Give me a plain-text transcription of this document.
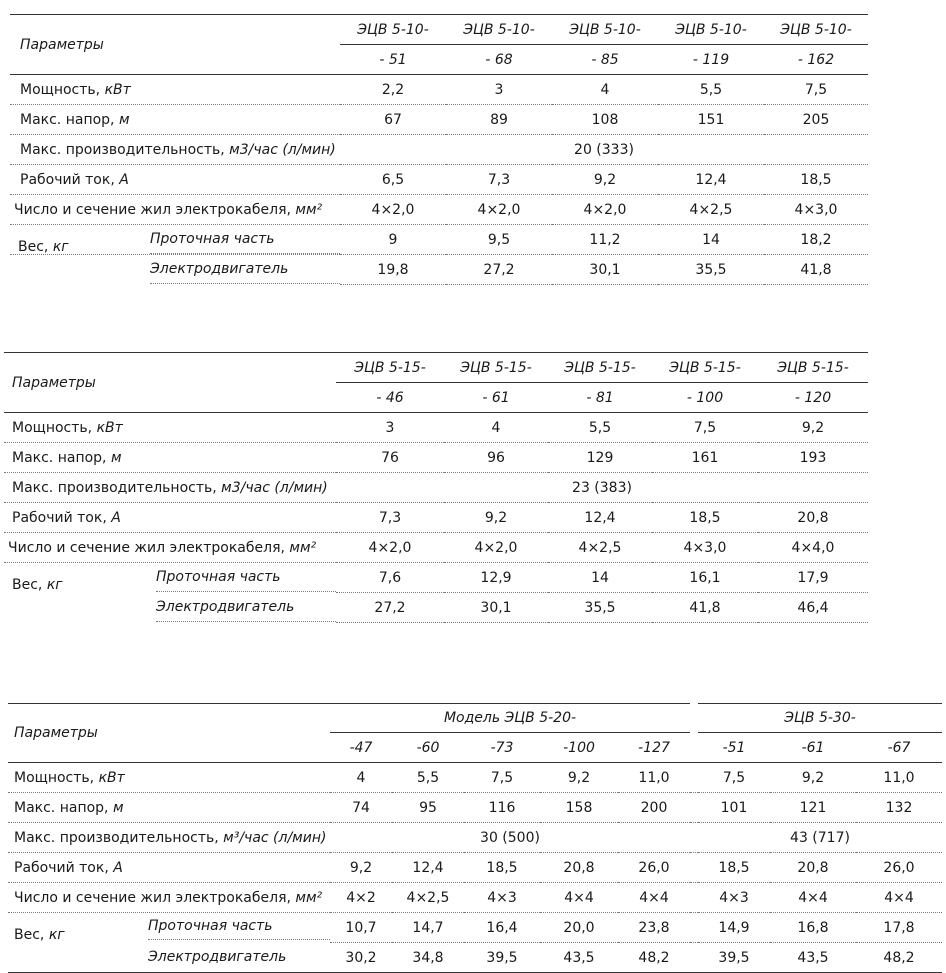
Параметры	ЭЦВ 5-10-	ЭЦВ 5-10-	ЭЦВ 5-10-	ЭЦВ 5-10-	ЭЦВ 5-10-
	- 51	- 68	- 85	- 119	- 162
Мощность, кВт	2,2	3	4	5,5	7,5
Макс. напор, м	67	89	108	151	205
Макс. производительность, м3/час (л/мин)	20 (333)				
Рабочий ток, А	6,5	7,3	9,2	12,4	18,5
Число и сечение жил электрокабеля, мм²	4×2,0	4×2,0	4×2,0	4×2,5	4×3,0

Вес, кг Проточная часть	9	9,5	11,2	14	18,2
Электродвигатель	19,8	27,2	30,1	35,5	41,8
Параметры	ЭЦВ 5-15-	ЭЦВ 5-15-	ЭЦВ 5-15-	ЭЦВ 5-15-	ЭЦВ 5-15-
	- 46	- 61	- 81	- 100	- 120
Мощность, кВт	3	4	5,5	7,5	9,2
Макс. напор, м	76	96	129	161	193
Макс. производительность, м3/час (л/мин)	23 (383)				
Рабочий ток, А	7,3	9,2	12,4	18,5	20,8
Число и сечение жил электрокабеля, мм²	4×2,0	4×2,0	4×2,5	4×3,0	4×4,0

Вес, кг Проточная часть	7,6	12,9	14	16,1	17,9
Электродвигатель	27,2	30,1	35,5	41,8	46,4
Параметры	Модель ЭЦВ 5-20-						ЭЦВ 5-30-		
	-47	-60	-73	-100	-127		-51	-61	-67
Мощность, кВт	4	5,5	7,5	9,2	11,0		7,5	9,2	11,0
Макс. напор, м	74	95	116	158	200		101	121	132
Макс. производительность, м³/час (л/мин)	30 (500)						43 (717)		
Рабочий ток, А	9,2	12,4	18,5	20,8	26,0		18,5	20,8	26,0
Число и сечение жил электрокабеля, мм²	4×2	4×2,5	4×3	4×4	4×4		4×3	4×4	4×4

Вес, кг
Проточная часть	10,7	14,7	16,4	20,0	23,8		14,9	16,8	17,8
Электродвигатель	30,2	34,8	39,5	43,5	48,2		39,5	43,5	48,2
